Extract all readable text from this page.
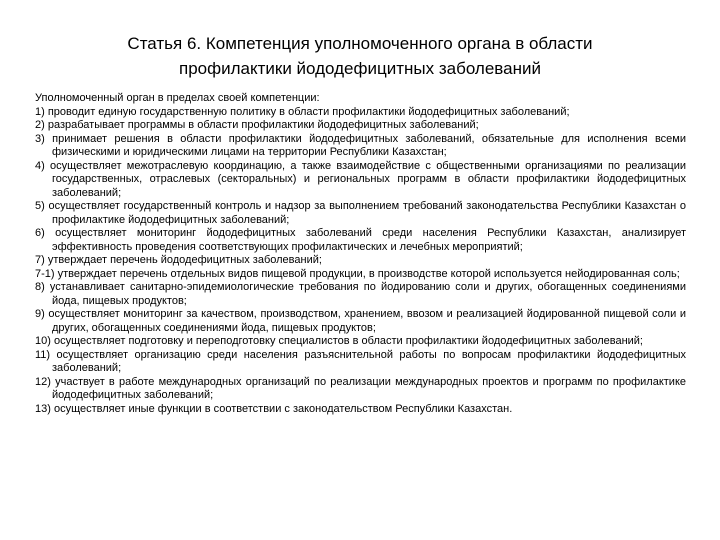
Статья 6. Компетенция уполномоченного органа в области
профилактики йододефицитных заболеваний

Уполномоченный орган в пределах своей компетенции:

1) проводит единую государственную политику в области профилактики йододефицитных заболеваний;

2) разрабатывает программы в области профилактики йододефицитных заболеваний;

3) принимает решения в области профилактики йододефицитных заболеваний, обязательные для исполнения всеми физическими и юридическими лицами на территории Республики Казахстан;

4) осуществляет межотраслевую координацию, а также взаимодействие с общественными организациями по реализации государственных, отраслевых (секторальных) и региональных программ в области профилактики йододефицитных заболеваний;

5) осуществляет государственный контроль и надзор за выполнением требований законодательства Республики Казахстан о профилактике йододефицитных заболеваний;

6) осуществляет мониторинг йододефицитных заболеваний среди населения Республики Казахстан, анализирует эффективность проведения соответствующих профилактических и лечебных мероприятий;

7) утверждает перечень йододефицитных заболеваний;

7-1) утверждает перечень отдельных видов пищевой продукции, в производстве которой используется нейодированная соль;

8) устанавливает санитарно-эпидемиологические требования по йодированию соли и других, обогащенных соединениями йода, пищевых продуктов;

9) осуществляет мониторинг за качеством, производством, хранением, ввозом и реализацией йодированной пищевой соли и других, обогащенных соединениями йода, пищевых продуктов;

10) осуществляет подготовку и переподготовку специалистов в области профилактики йододефицитных заболеваний;

11) осуществляет организацию среди населения разъяснительной работы по вопросам профилактики йододефицитных заболеваний;

12) участвует в работе международных организаций по реализации международных проектов и программ по профилактике йододефицитных заболеваний;

13) осуществляет иные функции в соответствии с законодательством Республики Казахстан.
